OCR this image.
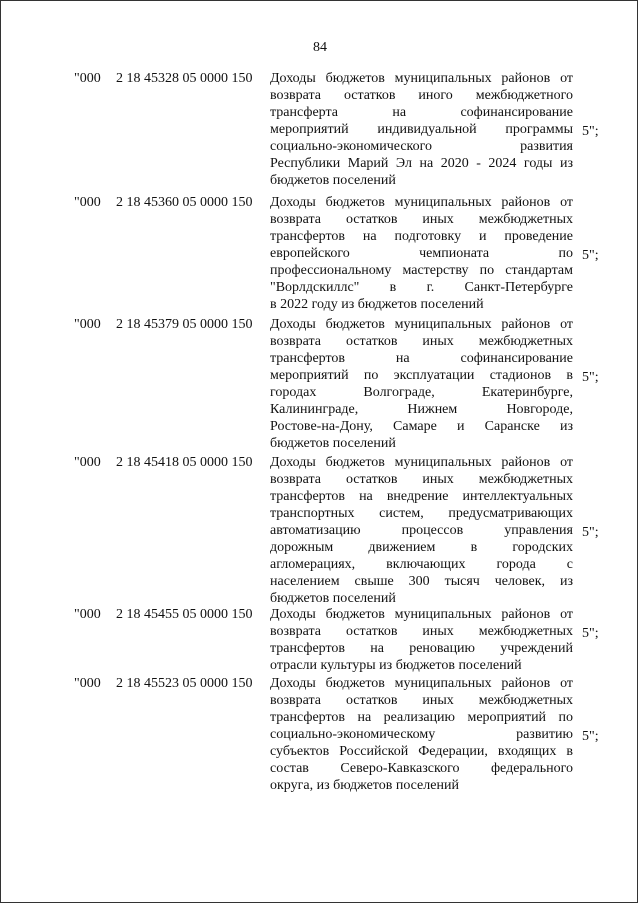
84
"000 2 18 45328 05 0000 150 Доходы бюджетов муниципальных районов от
возврата остатков иного межбюджетного
трансферта на софинансирование
мероприятий индивидуальной программы
социально-экономического развития
Республики Марий Эл на 2020 - 2024 годы из
бюджетов поселений
5";
"000 2 18 45360 05 0000 150 Доходы бюджетов муниципальных районов от
возврата остатков иных межбюджетных
трансфертов на подготовку и проведение
европейского чемпионата по
профессиональному мастерству по стандартам
"Ворлдскиллс" в г. Санкт-Петербурге
в 2022 году из бюджетов поселений
5";
"000 2 18 45379 05 0000 150 Доходы бюджетов муниципальных районов от
возврата остатков иных межбюджетных
трансфертов на софинансирование
мероприятий по эксплуатации стадионов в
городах Волгограде, Екатеринбурге,
Калининграде, Нижнем Новгороде,
Ростове-на-Дону, Самаре и Саранске из
бюджетов поселений
5";
"000 2 18 45418 05 0000 150 Доходы бюджетов муниципальных районов от
возврата остатков иных межбюджетных
трансфертов на внедрение интеллектуальных
транспортных систем, предусматривающих
автоматизацию процессов управления
дорожным движением в городских
агломерациях, включающих города с
населением свыше 300 тысяч человек, из
бюджетов поселений
5";
"000 2 18 45455 05 0000 150 Доходы бюджетов муниципальных районов от
возврата остатков иных межбюджетных
трансфертов на реновацию учреждений
отрасли культуры из бюджетов поселений
5";
"000 2 18 45523 05 0000 150 Доходы бюджетов муниципальных районов от
возврата остатков иных межбюджетных
трансфертов на реализацию мероприятий по
социально-экономическому развитию
субъектов Российской Федерации, входящих в
состав Северо-Кавказского федерального
округа, из бюджетов поселений
5";
